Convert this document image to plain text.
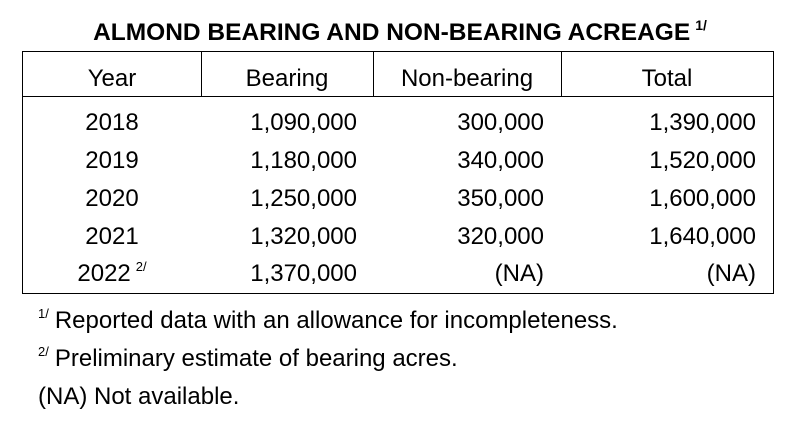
ALMOND BEARING AND NON-BEARING ACREAGE $^{1/}$
Year	Bearing	Non-bearing	Total
2018	1,090,000	300,000	1,390,000
2019	1,180,000	340,000	1,520,000
2020	1,250,000	350,000	1,600,000
2021	1,320,000	320,000	1,640,000
2022 $^{2/}$	1,370,000	(NA)	(NA)
$^{1/}$ Reported data with an allowance for incompleteness.
$^{2/}$ Preliminary estimate of bearing acres.
(NA) Not available.
